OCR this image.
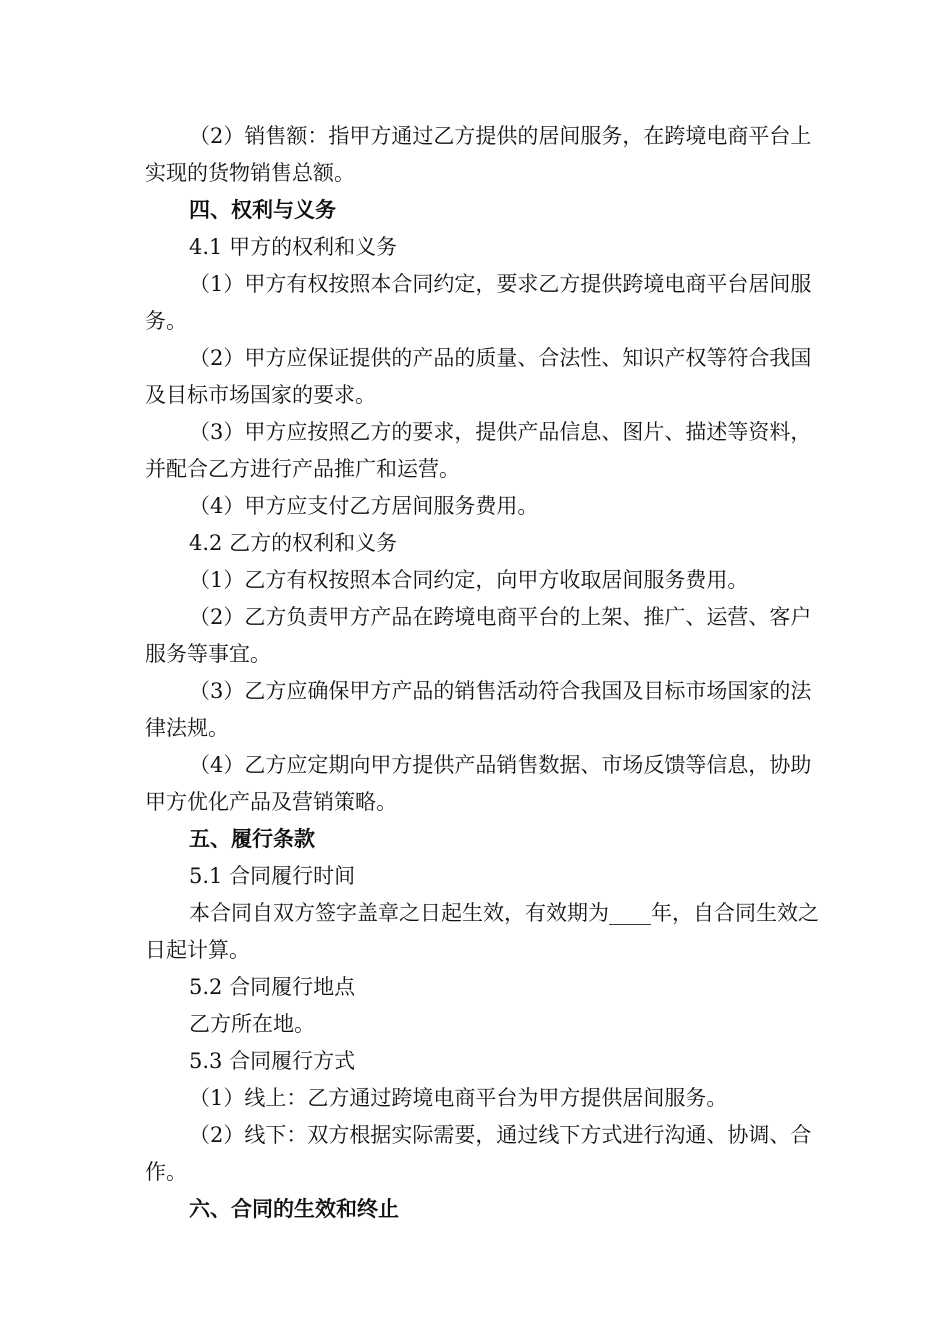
（2）销售额：指甲方通过乙方提供的居间服务，在跨境电商平台上实现的货物销售总额。

四、权利与义务

4.1 甲方的权利和义务

（1）甲方有权按照本合同约定，要求乙方提供跨境电商平台居间服务。

（2）甲方应保证提供的产品的质量、合法性、知识产权等符合我国及目标市场国家的要求。

（3）甲方应按照乙方的要求，提供产品信息、图片、描述等资料，并配合乙方进行产品推广和运营。

（4）甲方应支付乙方居间服务费用。

4.2 乙方的权利和义务

（1）乙方有权按照本合同约定，向甲方收取居间服务费用。

（2）乙方负责甲方产品在跨境电商平台的上架、推广、运营、客户服务等事宜。

（3）乙方应确保甲方产品的销售活动符合我国及目标市场国家的法律法规。

（4）乙方应定期向甲方提供产品销售数据、市场反馈等信息，协助甲方优化产品及营销策略。

五、履行条款

5.1 合同履行时间

本合同自双方签字盖章之日起生效，有效期为____年，自合同生效之日起计算。

5.2 合同履行地点

乙方所在地。

5.3 合同履行方式

（1）线上：乙方通过跨境电商平台为甲方提供居间服务。

（2）线下：双方根据实际需要，通过线下方式进行沟通、协调、合作。

六、合同的生效和终止
